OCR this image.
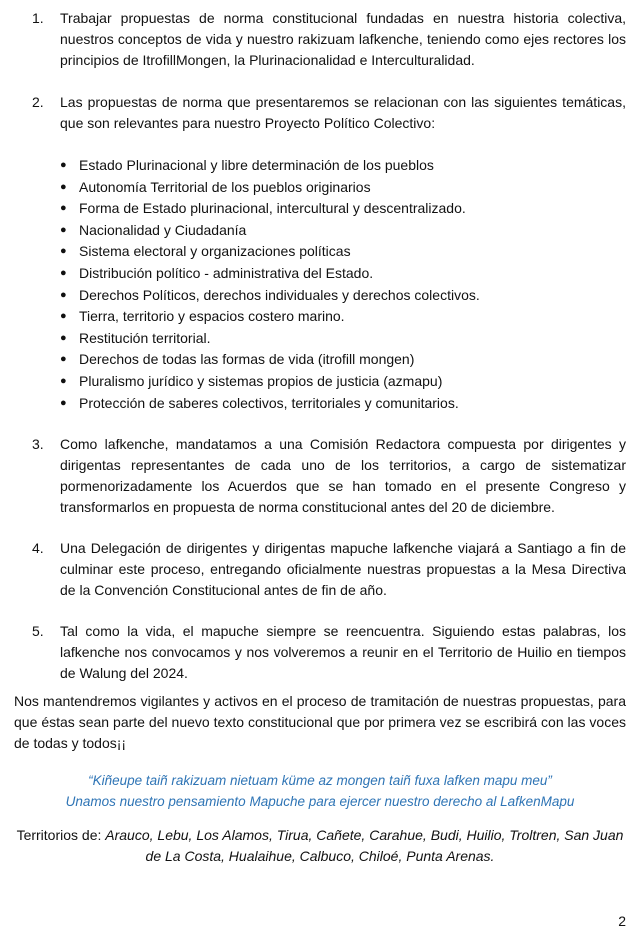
1. Trabajar propuestas de norma constitucional fundadas en nuestra historia colectiva, nuestros conceptos de vida y nuestro rakizuam lafkenche, teniendo como ejes rectores los principios de ItrofillMongen, la Plurinacionalidad e Interculturalidad.
2. Las propuestas de norma que presentaremos se relacionan con las siguientes temáticas, que son relevantes para nuestro Proyecto Político Colectivo:
● Estado Plurinacional y libre determinación de los pueblos
● Autonomía Territorial de los pueblos originarios
● Forma de Estado plurinacional, intercultural y descentralizado.
● Nacionalidad y Ciudadanía
● Sistema electoral y organizaciones políticas
● Distribución político - administrativa del Estado.
● Derechos Políticos, derechos individuales y derechos colectivos.
● Tierra, territorio y espacios costero marino.
● Restitución territorial.
● Derechos de todas las formas de vida (itrofill mongen)
● Pluralismo jurídico y sistemas propios de justicia (azmapu)
● Protección de saberes colectivos, territoriales y comunitarios.
3. Como lafkenche, mandatamos a una Comisión Redactora compuesta por dirigentes y dirigentas representantes de cada uno de los territorios, a cargo de sistematizar pormenorizadamente los Acuerdos que se han tomado en el presente Congreso y transformarlos en propuesta de norma constitucional antes del 20 de diciembre.
4. Una Delegación de dirigentes y dirigentas mapuche lafkenche viajará a Santiago a fin de culminar este proceso, entregando oficialmente nuestras propuestas a la Mesa Directiva de la Convención Constitucional antes de fin de año.
5. Tal como la vida, el mapuche siempre se reencuentra. Siguiendo estas palabras, los lafkenche nos convocamos y nos volveremos a reunir en el Territorio de Huilio en tiempos de Walung del 2024.
Nos mantendremos vigilantes y activos en el proceso de tramitación de nuestras propuestas, para que éstas sean parte del nuevo texto constitucional que por primera vez se escribirá con las voces de todas y todos¡¡
“Kiñeupe taiñ rakizuam nietuam küme az mongen taiñ fuxa lafken mapu meu”
Unamos nuestro pensamiento Mapuche para ejercer nuestro derecho al LafkenMapu
Territorios de: Arauco, Lebu, Los Alamos, Tirua, Cañete, Carahue, Budi, Huilio, Troltren, San Juan de La Costa, Hualaihue, Calbuco, Chiloé, Punta Arenas.
2
